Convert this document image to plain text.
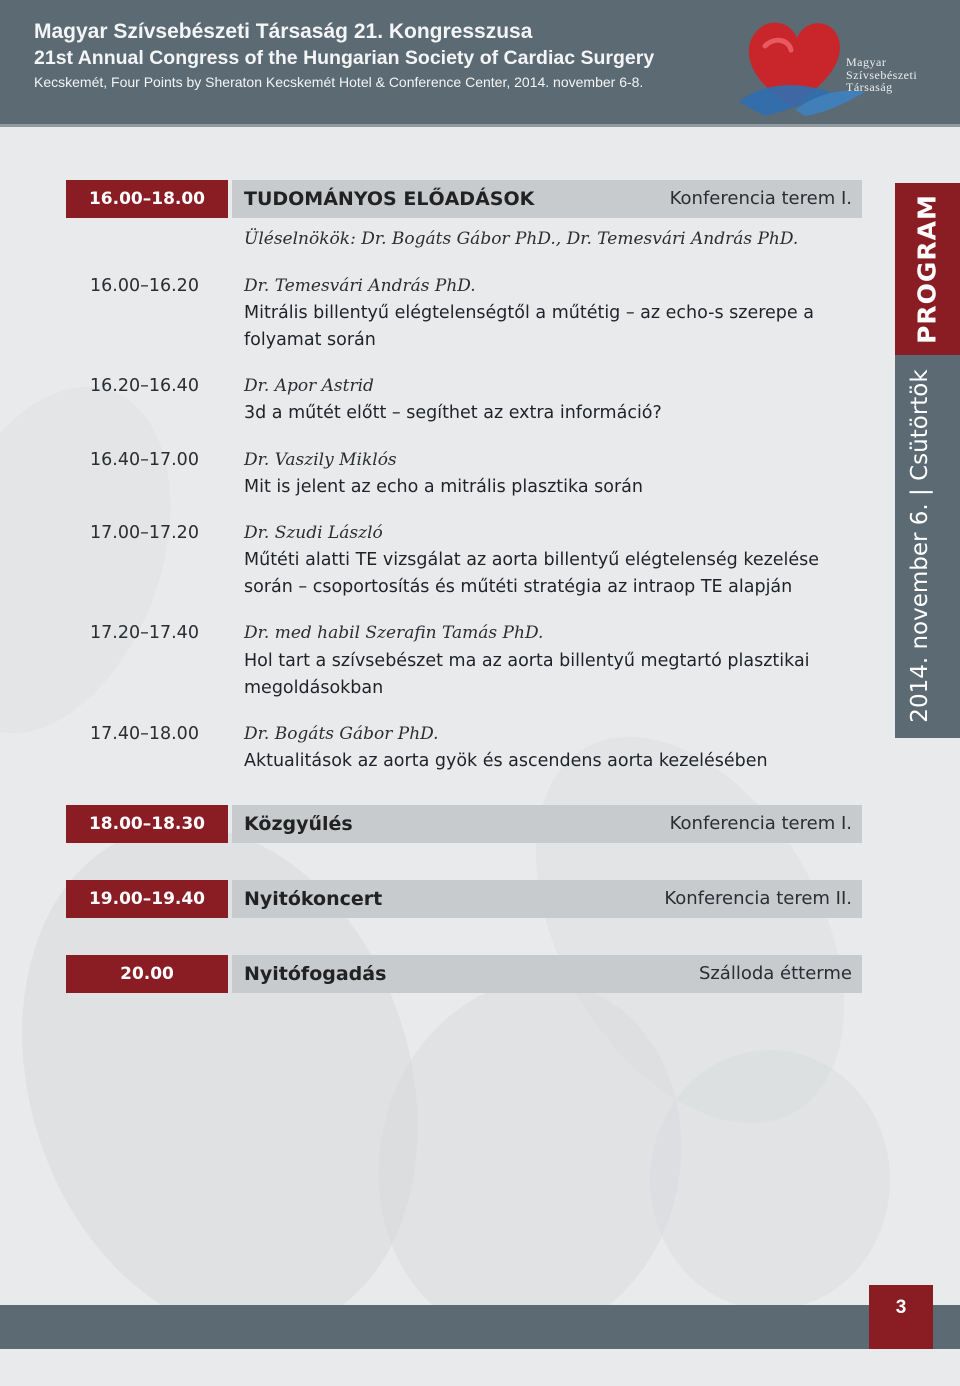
Magyar Szívsebészeti Társaság 21. Kongresszusa
21st Annual Congress of the Hungarian Society of Cardiac Surgery
Kecskemét, Four Points by Sheraton Kecskemét Hotel & Conference Center, 2014. november 6-8.
Magyar
Szívsebészeti
Társaság
PROGRAM
2014. november 6. | Csütörtök
16.00–18.00	TUDOMÁNYOS ELŐADÁSOK	Konferencia terem I.
Üléselnökök: Dr. Bogáts Gábor PhD., Dr. Temesvári András PhD.
16.00–16.20	Dr. Temesvári András PhD.
Mitrális billentyű elégtelenségtől a műtétig – az echo-s szerepe a folyamat során
16.20–16.40	Dr. Apor Astrid
3d a műtét előtt – segíthet az extra információ?
16.40–17.00	Dr. Vaszily Miklós
Mit is jelent az echo a mitrális plasztika során
17.00–17.20	Dr. Szudi László
Műtéti alatti TE vizsgálat az aorta billentyű elégtelenség kezelése során – csoportosítás és műtéti stratégia az intraop TE alapján
17.20–17.40	Dr. med habil Szerafin Tamás PhD.
Hol tart a szívsebészet ma az aorta billentyű megtartó plasztikai megoldásokban
17.40–18.00	Dr. Bogáts Gábor PhD.
Aktualitások az aorta gyök és ascendens aorta kezelésében
18.00–18.30	Közgyűlés	Konferencia terem I.
19.00–19.40	Nyitókoncert	Konferencia terem II.
20.00	Nyitófogadás	Szálloda étterme
3
